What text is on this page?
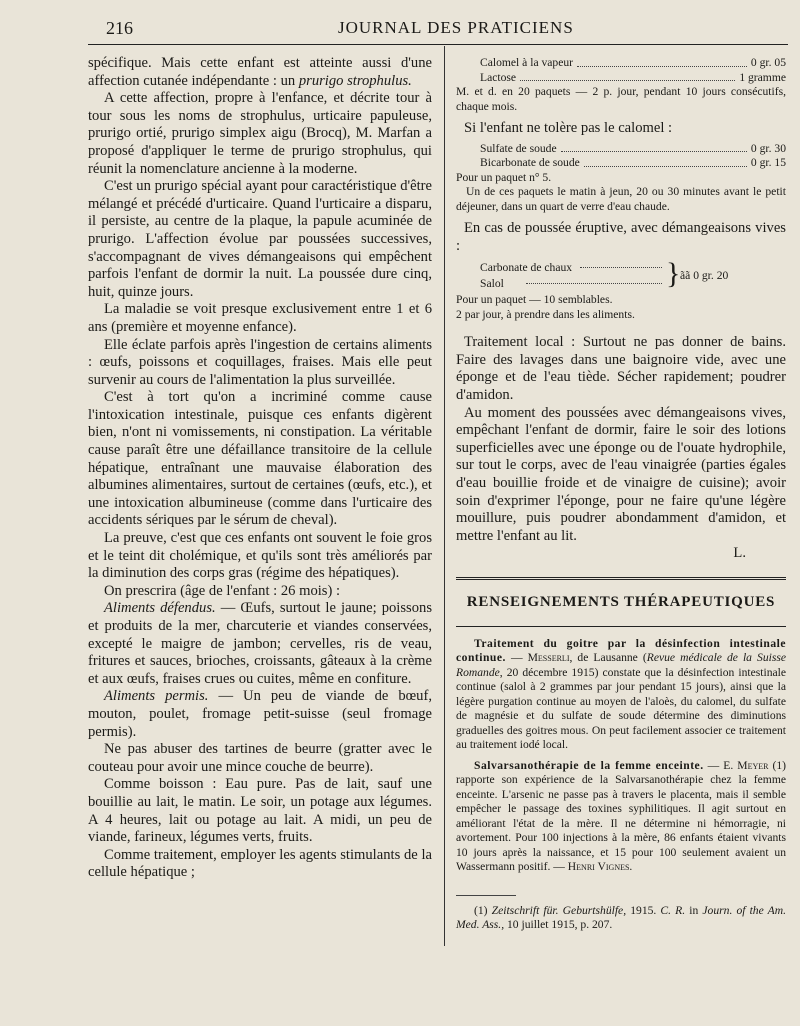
216	JOURNAL DES PRATICIENS

spécifique. Mais cette enfant est atteinte aussi d'une affection cutanée indépendante : un prurigo strophulus.

A cette affection, propre à l'enfance, et décrite tour à tour sous les noms de strophulus, urticaire papuleuse, prurigo ortié, prurigo simplex aigu (Brocq), M. Marfan a proposé d'appliquer le terme de prurigo strophulus, qui réunit la nomenclature ancienne à la moderne.

C'est un prurigo spécial ayant pour caractéristique d'être mélangé et précédé d'urticaire. Quand l'urticaire a disparu, il persiste, au centre de la plaque, la papule acuminée de prurigo. L'affection évolue par poussées successives, s'accompagnant de vives démangeaisons qui empêchent parfois l'enfant de dormir la nuit. La poussée dure cinq, huit, quinze jours.

La maladie se voit presque exclusivement entre 1 et 6 ans (première et moyenne enfance).

Elle éclate parfois après l'ingestion de certains aliments : œufs, poissons et coquillages, fraises. Mais elle peut survenir au cours de l'alimentation la plus surveillée.

C'est à tort qu'on a incriminé comme cause l'intoxication intestinale, puisque ces enfants digèrent bien, n'ont ni vomissements, ni constipation. La véritable cause paraît être une défaillance transitoire de la cellule hépatique, entraînant une mauvaise élaboration des albumines alimentaires, surtout de certaines (œufs, etc.), et une intoxication albumineuse (comme dans l'urticaire des accidents sériques par le sérum de cheval).

La preuve, c'est que ces enfants ont souvent le foie gros et le teint dit cholémique, et qu'ils sont très améliorés par la diminution des corps gras (régime des hépatiques).

On prescrira (âge de l'enfant : 26 mois) :

Aliments défendus. — Œufs, surtout le jaune; poissons et produits de la mer, charcuterie et viandes conservées, excepté le maigre de jambon; cervelles, ris de veau, fritures et sauces, brioches, croissants, gâteaux à la crème et aux œufs, fraises crues ou cuites, même en confiture.

Aliments permis. — Un peu de viande de bœuf, mouton, poulet, fromage petit-suisse (seul fromage permis).

Ne pas abuser des tartines de beurre (gratter avec le couteau pour avoir une mince couche de beurre).

Comme boisson : Eau pure. Pas de lait, sauf une bouillie au lait, le matin. Le soir, un potage aux légumes. A 4 heures, lait ou potage au lait. A midi, un peu de viande, farineux, légumes verts, fruits.

Comme traitement, employer les agents stimulants de la cellule hépatique ;

Calomel à la vapeur	0 gr. 05
Lactose	1 gramme
M. et d. en 20 paquets — 2 p. jour, pendant 10 jours consécutifs, chaque mois.
Si l'enfant ne tolère pas le calomel :
Sulfate de soude	0 gr. 30
Bicarbonate de soude	0 gr. 15
Pour un paquet n° 5.
Un de ces paquets le matin à jeun, 20 ou 30 minutes avant le petit déjeuner, dans un quart de verre d'eau chaude.
En cas de poussée éruptive, avec démangeaisons vives :
Carbonate de chaux
Salol	} ãã 0 gr. 20
Pour un paquet — 10 semblables.
2 par jour, à prendre dans les aliments.
Traitement local : Surtout ne pas donner de bains. Faire des lavages dans une baignoire vide, avec une éponge et de l'eau tiède. Sécher rapidement; poudrer d'amidon.
Au moment des poussées avec démangeaisons vives, empêchant l'enfant de dormir, faire le soir des lotions superficielles avec une éponge ou de l'ouate hydrophile, sur tout le corps, avec de l'eau vinaigrée (parties égales d'eau bouillie froide et de vinaigre de cuisine); avoir soin d'exprimer l'éponge, pour ne faire qu'une légère mouillure, puis poudrer abondamment d'amidon, et mettre l'enfant au lit.
L.
RENSEIGNEMENTS THÉRAPEUTIQUES

Traitement du goitre par la désinfection intestinale continue. — Messerli, de Lausanne (Revue médicale de la Suisse Romande, 20 décembre 1915) constate que la désinfection intestinale continue (salol à 2 grammes par jour pendant 15 jours), ainsi que la légère purgation continue au moyen de l'aloès, du calomel, du sulfate de magnésie et du sulfate de soude détermine des diminutions graduelles des goitres mous. On peut facilement associer ce traitement au traitement iodé local.

Salvarsanothérapie de la femme enceinte. — E. Meyer (1) rapporte son expérience de la Salvarsanothérapie chez la femme enceinte. L'arsenic ne passe pas à travers le placenta, mais il semble empêcher le passage des toxines syphilitiques. Il agit surtout en améliorant l'état de la mère. Il ne détermine ni hémorragie, ni avortement. Pour 100 injections à la mère, 86 enfants étaient vivants 10 jours après la naissance, et 15 pour 100 seulement avaient un Wassermann positif. — Henri Vignes.

(1) Zeitschrift für. Geburtshülfe, 1915. C. R. in Journ. of the Am. Med. Ass., 10 juillet 1915, p. 207.
